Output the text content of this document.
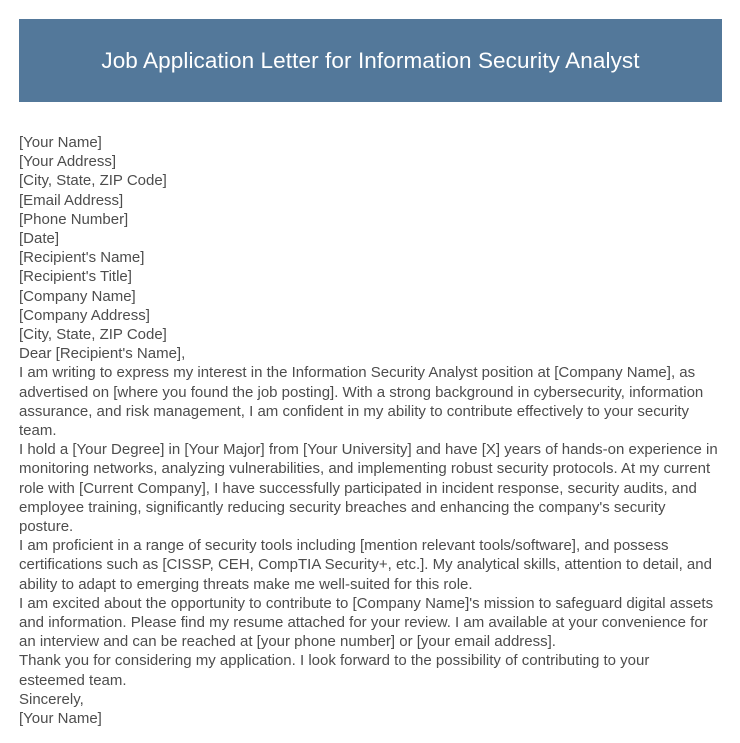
Job Application Letter for Information Security Analyst
[Your Name]
[Your Address]
[City, State, ZIP Code]
[Email Address]
[Phone Number]
[Date]
[Recipient's Name]
[Recipient's Title]
[Company Name]
[Company Address]
[City, State, ZIP Code]
Dear [Recipient's Name],

I am writing to express my interest in the Information Security Analyst position at [Company Name], as advertised on [where you found the job posting]. With a strong background in cybersecurity, information assurance, and risk management, I am confident in my ability to contribute effectively to your security team.

I hold a [Your Degree] in [Your Major] from [Your University] and have [X] years of hands-on experience in monitoring networks, analyzing vulnerabilities, and implementing robust security protocols. At my current role with [Current Company], I have successfully participated in incident response, security audits, and employee training, significantly reducing security breaches and enhancing the company's security posture.

I am proficient in a range of security tools including [mention relevant tools/software], and possess certifications such as [CISSP, CEH, CompTIA Security+, etc.]. My analytical skills, attention to detail, and ability to adapt to emerging threats make me well-suited for this role.

I am excited about the opportunity to contribute to [Company Name]'s mission to safeguard digital assets and information. Please find my resume attached for your review. I am available at your convenience for an interview and can be reached at [your phone number] or [your email address].

Thank you for considering my application. I look forward to the possibility of contributing to your esteemed team.

Sincerely,
[Your Name]
